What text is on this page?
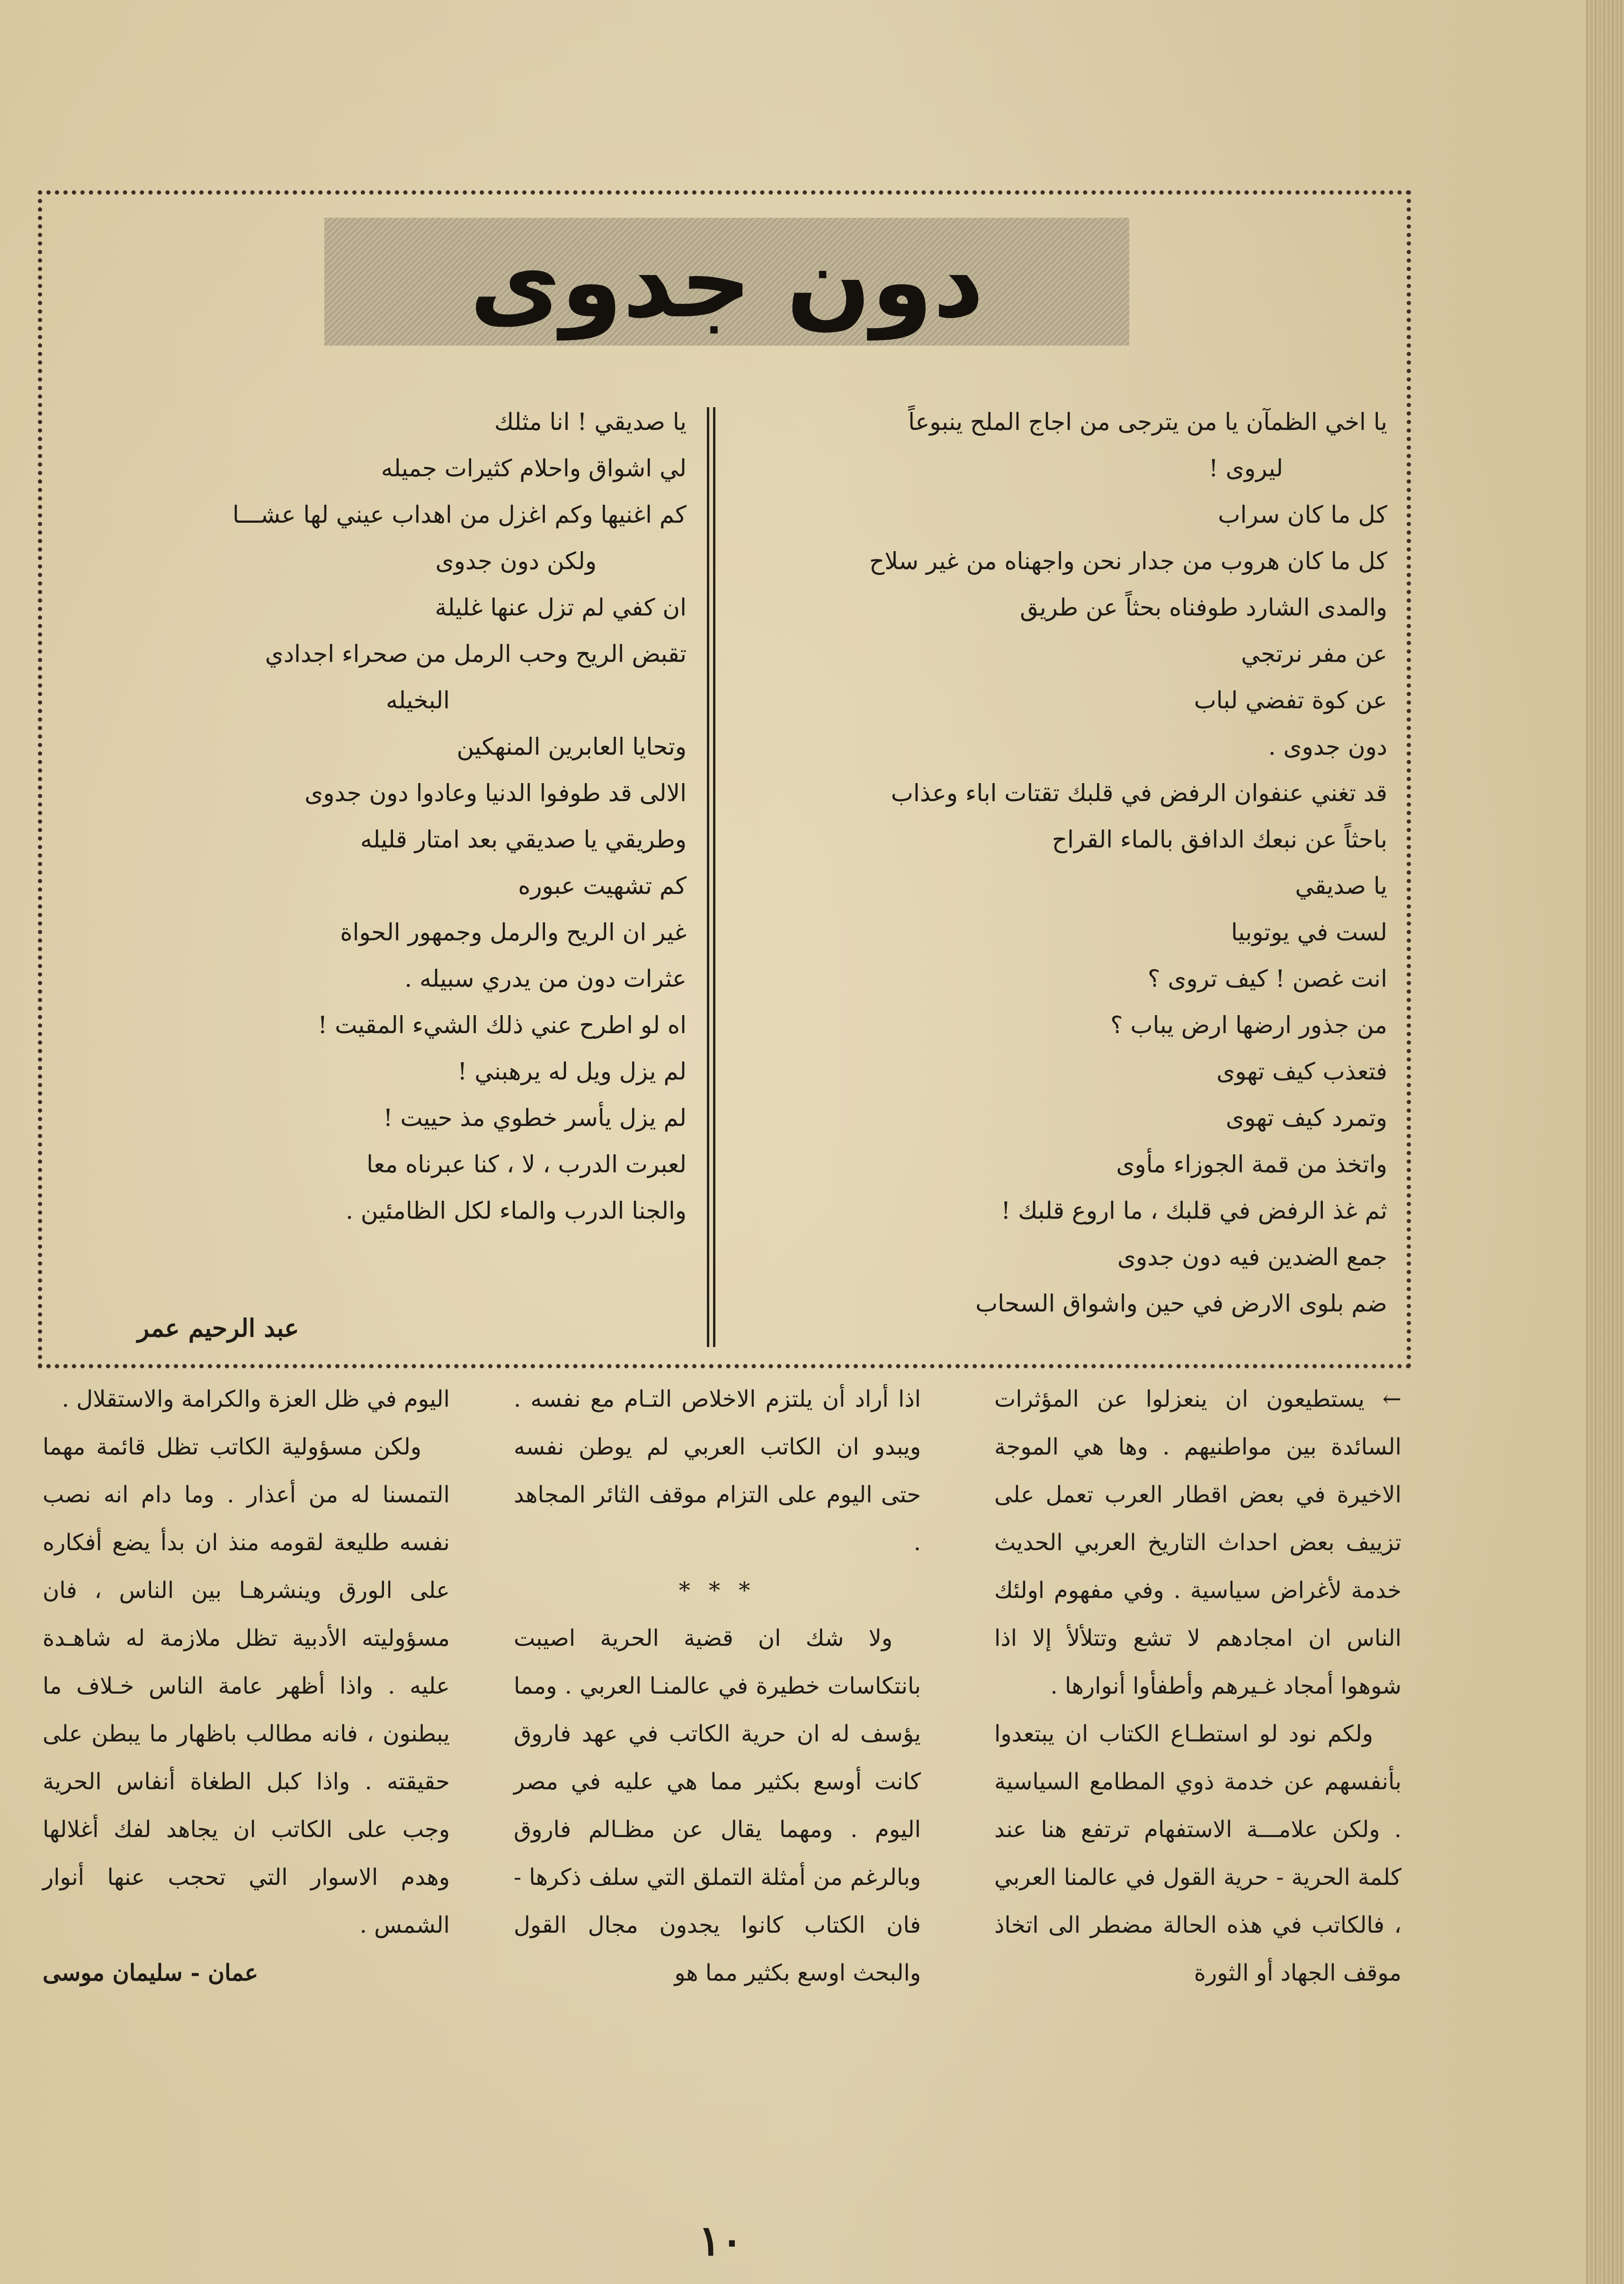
دون جدوى
يا اخي الظمآن يا من يترجى من اجاج الملح ينبوعاً
ليروى !
كل ما كان سراب
كل ما كان هروب من جدار نحن واجهناه من غير سلاح
والمدى الشارد طوفناه بحثاً عن طريق
عن مفر نرتجي
عن كوة تفضي لباب
دون جدوى .
قد تغني عنفوان الرفض في قلبك تقتات اباء وعذاب
باحثاً عن نبعك الدافق بالماء القراح
يا صديقي
لست في يوتوبيا
انت غصن ! كيف تروى ؟
من جذور ارضها ارض يباب ؟
فتعذب كيف تهوى
وتمرد كيف تهوى
واتخذ من قمة الجوزاء مأوى
ثم غذ الرفض في قلبك ، ما اروع قلبك !
جمع الضدين فيه دون جدوى
ضم بلوى الارض في حين واشواق السحاب
يا صديقي ! انا مثلك
لي اشواق واحلام كثيرات جميله
كم اغنيها وكم اغزل من اهداب عيني لها عشـــا
ولكن دون جدوى
ان كفي لم تزل عنها غليلة
تقبض الريح وحب الرمل من صحراء اجدادي
البخيله
وتحايا العابرين المنهكين
الالى قد طوفوا الدنيا وعادوا دون جدوى
وطريقي يا صديقي بعد امتار قليله
كم تشهيت عبوره
غير ان الريح والرمل وجمهور الحواة
عثرات دون من يدري سبيله .
اه لو اطرح عني ذلك الشيء المقيت !
لم يزل ويل له يرهبني !
لم يزل يأسر خطوي مذ حييت !
لعبرت الدرب ، لا ، كنا عبرناه معا
والجنا الدرب والماء لكل الظامئين .
عبد الرحيم عمر

← يستطيعون ان ينعزلوا عن المؤثرات السائدة بين مواطنيهم . وها هي الموجة الاخيرة في بعض اقطار العرب تعمل على تزييف بعض احداث التاريخ العربي الحديث خدمة لأغراض سياسية . وفي مفهوم اولئك الناس ان امجادهم لا تشع وتتلألأ إلا اذا شوهوا أمجاد غـيرهم وأطفأوا أنوارها .

ولكم نود لو استطـاع الكتاب ان يبتعدوا بأنفسهم عن خدمة ذوي المطامع السياسية . ولكن علامـــة الاستفهام ترتفع هنا عند كلمة الحرية - حرية القول في عالمنا العربي ، فالكاتب في هذه الحالة مضطر الى اتخاذ موقف الجهاد أو الثورة

اذا أراد أن يلتزم الاخلاص التـام مع نفسه . ويبدو ان الكاتب العربي لم يوطن نفسه حتى اليوم على التزام موقف الثائر المجاهد .

* * *

ولا شك ان قضية الحرية اصيبت بانتكاسات خطيرة في عالمنـا العربي . ومما يؤسف له ان حرية الكاتب في عهد فاروق كانت أوسع بكثير مما هي عليه في مصر اليوم . ومهما يقال عن مظـالم فاروق وبالرغم من أمثلة التملق التي سلف ذكرها - فان الكتاب كانوا يجدون مجال القول والبحث اوسع بكثير مما هو

اليوم في ظل العزة والكرامة والاستقلال .

ولكن مسؤولية الكاتب تظل قائمة مهما التمسنا له من أعذار . وما دام انه نصب نفسه طليعة لقومه منذ ان بدأ يضع أفكاره على الورق وينشرهـا بين الناس ، فان مسؤوليته الأدبية تظل ملازمة له شاهـدة عليه . واذا أظهر عامة الناس خـلاف ما يبطنون ، فانه مطالب باظهار ما يبطن على حقيقته . واذا كبل الطغاة أنفاس الحرية وجب على الكاتب ان يجاهد لفك أغلالها وهدم الاسوار التي تحجب عنها أنوار الشمس .

عمان - سليمان موسى

١٠
